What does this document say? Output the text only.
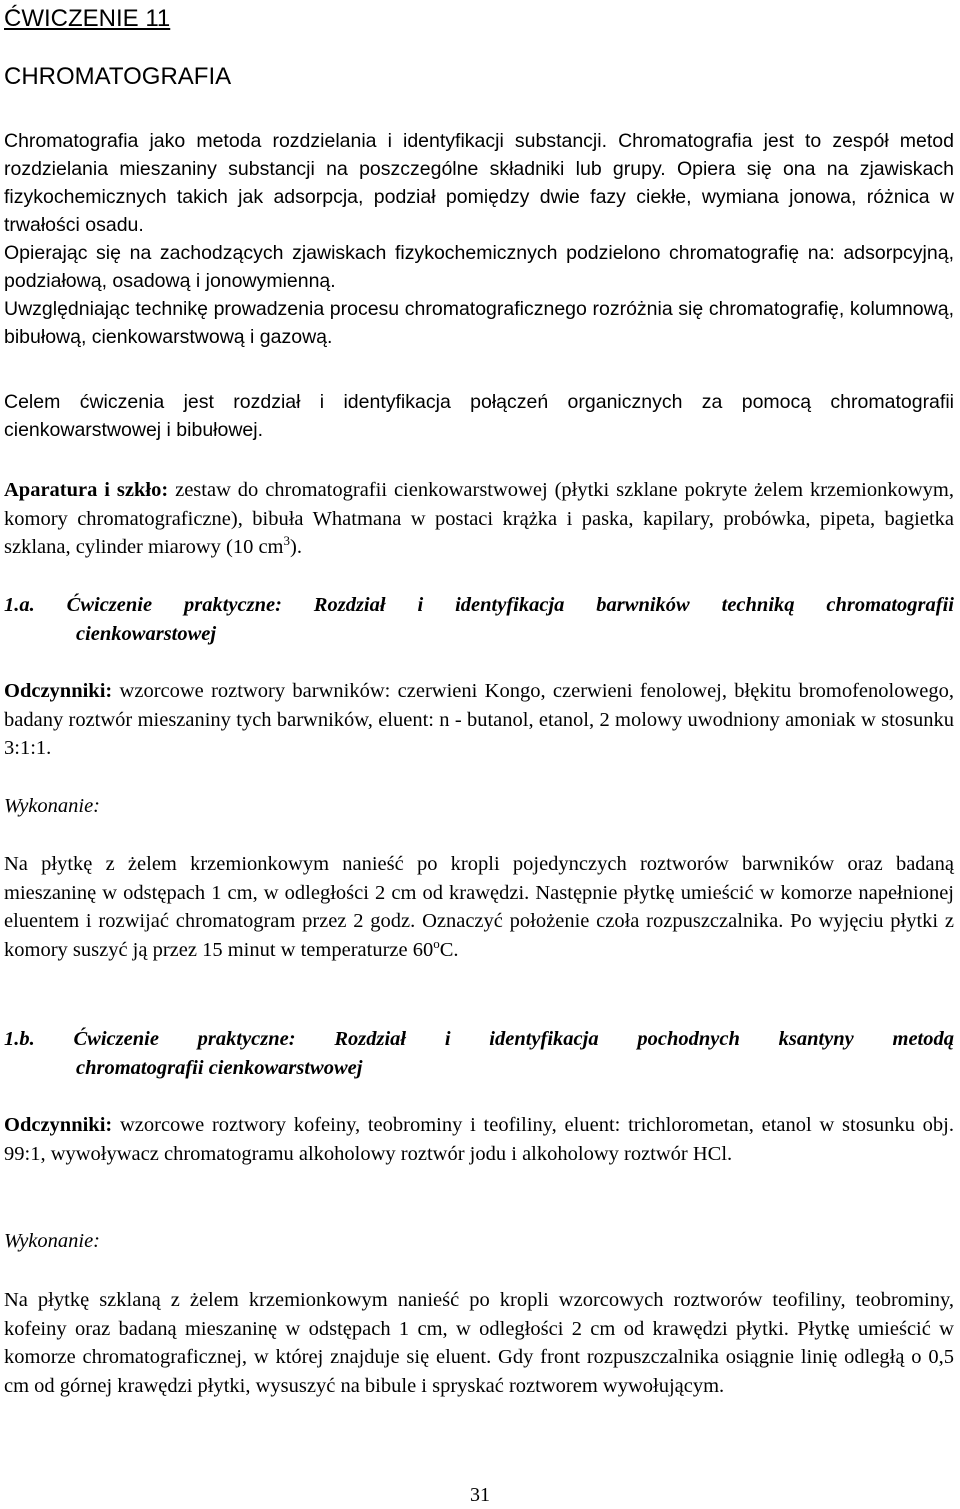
ĆWICZENIE 11
CHROMATOGRAFIA

Chromatografia jako metoda rozdzielania i identyfikacji substancji. Chromatografia jest to zespół metod rozdzielania mieszaniny substancji na poszczególne składniki lub grupy. Opiera się ona na zjawiskach fizykochemicznych takich jak adsorpcja, podział pomiędzy dwie fazy ciekłe, wymiana jonowa, różnica w trwałości osadu.

Opierając się na zachodzących zjawiskach fizykochemicznych podzielono chromatografię na: adsorpcyjną, podziałową, osadową i jonowymienną.

Uwzględniając technikę prowadzenia procesu chromatograficznego rozróżnia się chromatografię, kolumnową, bibułową, cienkowarstwową i gazową.

Celem ćwiczenia jest rozdział i identyfikacja połączeń organicznych za pomocą chromatografii cienkowarstwowej i bibułowej.

Aparatura i szkło: zestaw do chromatografii cienkowarstwowej (płytki szklane pokryte żelem krzemionkowym, komory chromatograficzne), bibuła Whatmana w postaci krążka i paska, kapilary, probówka, pipeta, bagietka szklana, cylinder miarowy (10 $cm^3$).

1.a. Ćwiczenie praktyczne: Rozdział i identyfikacja barwników techniką chromatografii
cienkowarstowej

Odczynniki: wzorcowe roztwory barwników: czerwieni Kongo, czerwieni fenolowej, błękitu bromofenolowego, badany roztwór mieszaniny tych barwników, eluent: n - butanol, etanol, 2 molowy uwodniony amoniak w stosunku 3:1:1.

Wykonanie:

Na płytkę z żelem krzemionkowym nanieść po kropli pojedynczych roztworów barwników oraz badaną mieszaninę w odstępach 1 cm, w odległości 2 cm od krawędzi. Następnie płytkę umieścić w komorze napełnionej eluentem i rozwijać chromatogram przez 2 godz. Oznaczyć położenie czoła rozpuszczalnika. Po wyjęciu płytki z komory suszyć ją przez 15 minut w temperaturze 60$^o$C.

1.b. Ćwiczenie praktyczne: Rozdział i identyfikacja pochodnych ksantyny metodą
chromatografii cienkowarstwowej

Odczynniki: wzorcowe roztwory kofeiny, teobrominy i teofiliny, eluent: trichlorometan, etanol w stosunku obj. 99:1, wywoływacz chromatogramu alkoholowy roztwór jodu i alkoholowy roztwór HCl.

Wykonanie:

Na płytkę szklaną z żelem krzemionkowym nanieść po kropli wzorcowych roztworów teofiliny, teobrominy, kofeiny oraz badaną mieszaninę w odstępach 1 cm, w odległości 2 cm od krawędzi płytki. Płytkę umieścić w komorze chromatograficznej, w której znajduje się eluent. Gdy front rozpuszczalnika osiągnie linię odległą o 0,5 cm od górnej krawędzi płytki, wysuszyć na bibule i spryskać roztworem wywołującym.

31
